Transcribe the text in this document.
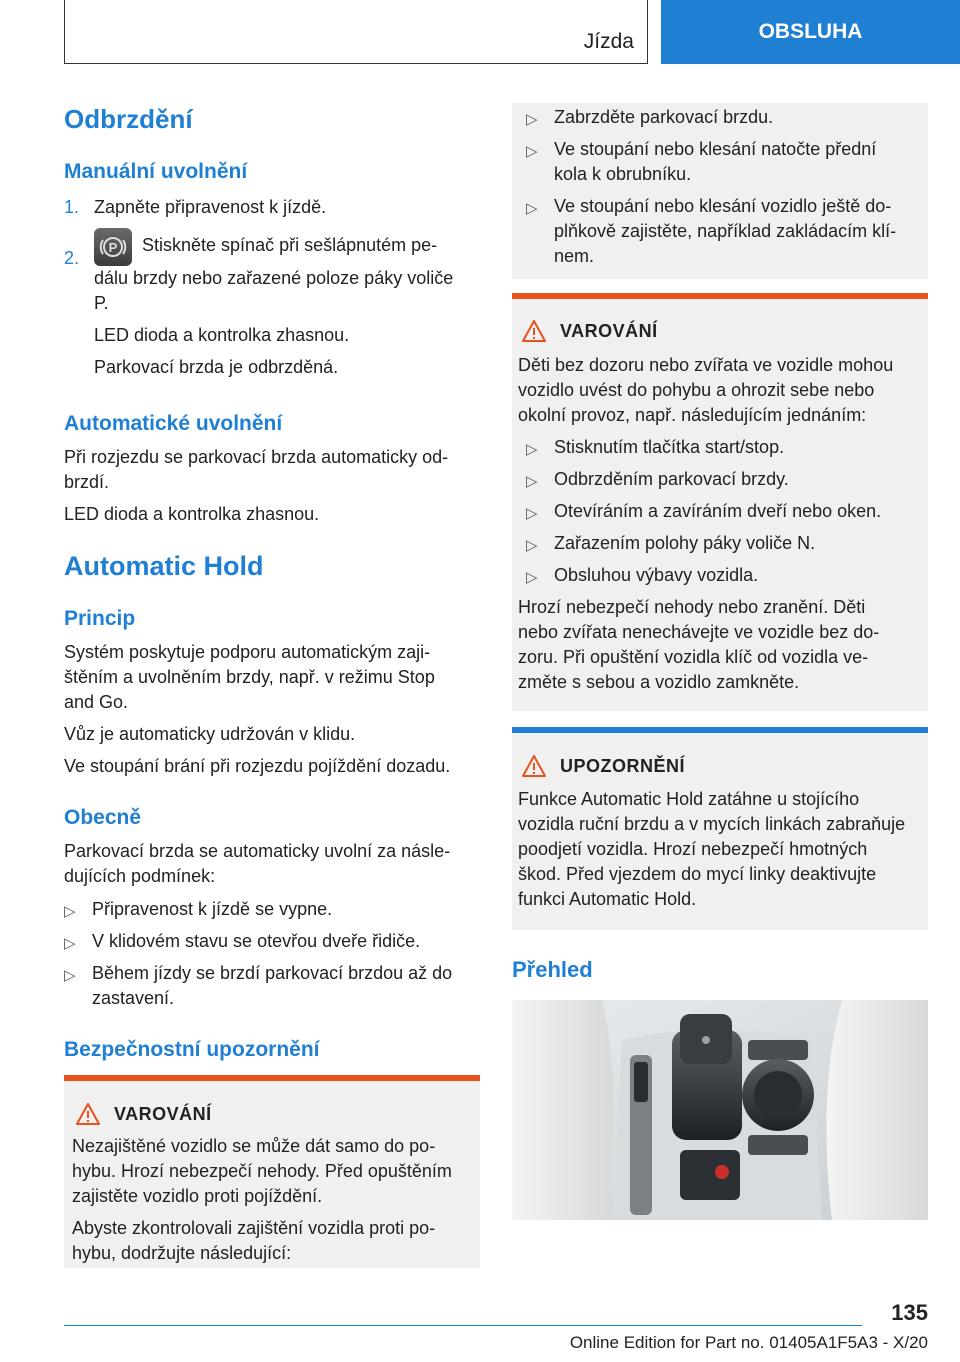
Jízda	OBSLUHA
Odbrzdění
Manuální uvolnění
1. Zapněte připravenost k jízdě.
2.
P Stiskněte spínač při sešlápnutém pe-
dálu brzdy nebo zařazené poloze páky voliče
P.
LED dioda a kontrolka zhasnou.
Parkovací brzda je odbrzděná.
Automatické uvolnění
Při rozjezdu se parkovací brzda automaticky od-
brzdí.
LED dioda a kontrolka zhasnou.
Automatic Hold
Princip
Systém poskytuje podporu automatickým zaji-
štěním a uvolněním brzdy, např. v režimu Stop
and Go.
Vůz je automaticky udržován v klidu.
Ve stoupání brání při rozjezdu pojíždění dozadu.
Obecně
Parkovací brzda se automaticky uvolní za násle-
dujících podmínek:
▷ Připravenost k jízdě se vypne.
▷ V klidovém stavu se otevřou dveře řidiče.
▷ Během jízdy se brzdí parkovací brzdou až do
zastavení.
Bezpečnostní upozornění
VAROVÁNÍ
Nezajištěné vozidlo se může dát samo do po-
hybu. Hrozí nebezpečí nehody. Před opuštěním
zajistěte vozidlo proti pojíždění.
Abyste zkontrolovali zajištění vozidla proti po-
hybu, dodržujte následující:
▷ Zabrzděte parkovací brzdu.
▷ Ve stoupání nebo klesání natočte přední
kola k obrubníku.
▷ Ve stoupání nebo klesání vozidlo ještě do-
plňkově zajistěte, například zakládacím klí-
nem.
VAROVÁNÍ
Děti bez dozoru nebo zvířata ve vozidle mohou
vozidlo uvést do pohybu a ohrozit sebe nebo
okolní provoz, např. následujícím jednáním:
▷ Stisknutím tlačítka start/stop.
▷ Odbrzděním parkovací brzdy.
▷ Otevíráním a zavíráním dveří nebo oken.
▷ Zařazením polohy páky voliče N.
▷ Obsluhou výbavy vozidla.
Hrozí nebezpečí nehody nebo zranění. Děti
nebo zvířata nenechávejte ve vozidle bez do-
zoru. Při opuštění vozidla klíč od vozidla ve-
změte s sebou a vozidlo zamkněte.
UPOZORNĚNÍ
Funkce Automatic Hold zatáhne u stojícího
vozidla ruční brzdu a v mycích linkách zabraňuje
poodjetí vozidla. Hrozí nebezpečí hmotných
škod. Před vjezdem do mycí linky deaktivujte
funkci Automatic Hold.
Přehled
135
Online Edition for Part no. 01405A1F5A3 - X/20
